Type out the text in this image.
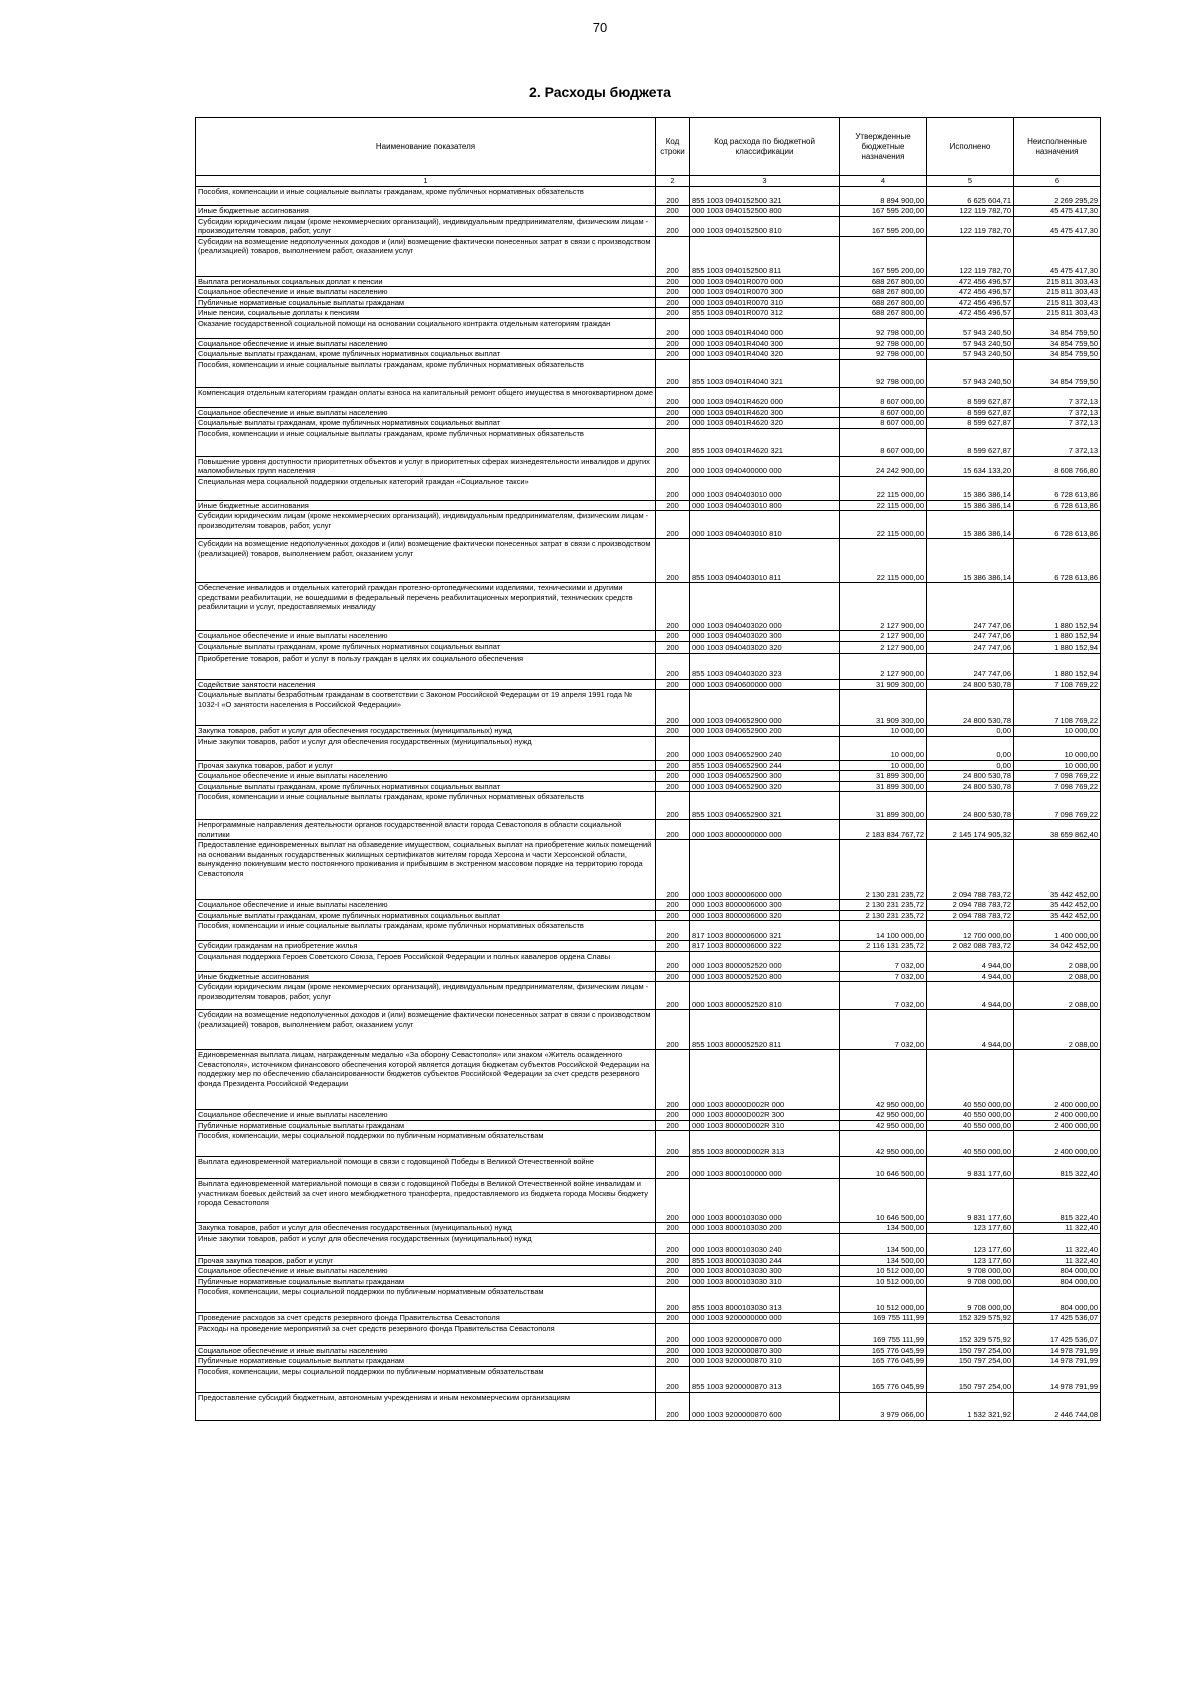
70
2. Расходы бюджета
Наименование показателя	Код строки	Код расхода по бюджетной классификации	Утвержденные бюджетные назначения	Исполнено	Неисполненные назначения
1	2	3	4	5	6
Пособия, компенсации и иные социальные выплаты гражданам, кроме публичных нормативных обязательств	200	855 1003 0940152500 321	8 894 900,00	6 625 604,71	2 269 295,29
Иные бюджетные ассигнования	200	000 1003 0940152500 800	167 595 200,00	122 119 782,70	45 475 417,30
Субсидии юридическим лицам (кроме некоммерческих организаций), индивидуальным предпринимателям, физическим лицам - производителям товаров, работ, услуг	200	000 1003 0940152500 810	167 595 200,00	122 119 782,70	45 475 417,30
Субсидии на возмещение недополученных доходов и (или) возмещение фактически понесенных затрат в связи с производством (реализацией) товаров, выполнением работ, оказанием услуг	200	855 1003 0940152500 811	167 595 200,00	122 119 782,70	45 475 417,30
Выплата региональных социальных доплат к пенсии	200	000 1003 09401R0070 000	688 267 800,00	472 456 496,57	215 811 303,43
Социальное обеспечение и иные выплаты населению	200	000 1003 09401R0070 300	688 267 800,00	472 456 496,57	215 811 303,43
Публичные нормативные социальные выплаты гражданам	200	000 1003 09401R0070 310	688 267 800,00	472 456 496,57	215 811 303,43
Иные пенсии, социальные доплаты к пенсиям	200	855 1003 09401R0070 312	688 267 800,00	472 456 496,57	215 811 303,43
Оказание государственной социальной помощи на основании социального контракта отдельным категориям граждан	200	000 1003 09401R4040 000	92 798 000,00	57 943 240,50	34 854 759,50
Социальное обеспечение и иные выплаты населению	200	000 1003 09401R4040 300	92 798 000,00	57 943 240,50	34 854 759,50
Социальные выплаты гражданам, кроме публичных нормативных социальных выплат	200	000 1003 09401R4040 320	92 798 000,00	57 943 240,50	34 854 759,50
Пособия, компенсации и иные социальные выплаты гражданам, кроме публичных нормативных обязательств	200	855 1003 09401R4040 321	92 798 000,00	57 943 240,50	34 854 759,50
Компенсация отдельным категориям граждан оплаты взноса на капитальный ремонт общего имущества в многоквартирном доме	200	000 1003 09401R4620 000	8 607 000,00	8 599 627,87	7 372,13
Социальное обеспечение и иные выплаты населению	200	000 1003 09401R4620 300	8 607 000,00	8 599 627,87	7 372,13
Социальные выплаты гражданам, кроме публичных нормативных социальных выплат	200	000 1003 09401R4620 320	8 607 000,00	8 599 627,87	7 372,13
Пособия, компенсации и иные социальные выплаты гражданам, кроме публичных нормативных обязательств	200	855 1003 09401R4620 321	8 607 000,00	8 599 627,87	7 372,13
Повышение уровня доступности приоритетных объектов и услуг в приоритетных сферах жизнедеятельности инвалидов и других маломобильных групп населения	200	000 1003 0940400000 000	24 242 900,00	15 634 133,20	8 608 766,80
Специальная мера социальной поддержки отдельных категорий граждан «Социальное такси»	200	000 1003 0940403010 000	22 115 000,00	15 386 386,14	6 728 613,86
Иные бюджетные ассигнования	200	000 1003 0940403010 800	22 115 000,00	15 386 386,14	6 728 613,86
Субсидии юридическим лицам (кроме некоммерческих организаций), индивидуальным предпринимателям, физическим лицам - производителям товаров, работ, услуг	200	000 1003 0940403010 810	22 115 000,00	15 386 386,14	6 728 613,86
Субсидии на возмещение недополученных доходов и (или) возмещение фактически понесенных затрат в связи с производством (реализацией) товаров, выполнением работ, оказанием услуг	200	855 1003 0940403010 811	22 115 000,00	15 386 386,14	6 728 613,86
Обеспечение инвалидов и отдельных категорий граждан протезно-ортопедическими изделиями, техническими и другими средствами реабилитации, не вошедшими в федеральный перечень реабилитационных мероприятий, технических средств реабилитации и услуг, предоставляемых инвалиду	200	000 1003 0940403020 000	2 127 900,00	247 747,06	1 880 152,94
Социальное обеспечение и иные выплаты населению	200	000 1003 0940403020 300	2 127 900,00	247 747,06	1 880 152,94
Социальные выплаты гражданам, кроме публичных нормативных социальных выплат	200	000 1003 0940403020 320	2 127 900,00	247 747,06	1 880 152,94
Приобретение товаров, работ и услуг в пользу граждан в целях их социального обеспечения	200	855 1003 0940403020 323	2 127 900,00	247 747,06	1 880 152,94
Содействие занятости населения	200	000 1003 0940600000 000	31 909 300,00	24 800 530,78	7 108 769,22
Социальные выплаты безработным гражданам в соответствии с Законом Российской Федерации от 19 апреля 1991 года № 1032-I «О занятости населения в Российской Федерации»	200	000 1003 0940652900 000	31 909 300,00	24 800 530,78	7 108 769,22
Закупка товаров, работ и услуг для обеспечения государственных (муниципальных) нужд	200	000 1003 0940652900 200	10 000,00	0,00	10 000,00
Иные закупки товаров, работ и услуг для обеспечения государственных (муниципальных) нужд	200	000 1003 0940652900 240	10 000,00	0,00	10 000,00
Прочая закупка товаров, работ и услуг	200	855 1003 0940652900 244	10 000,00	0,00	10 000,00
Социальное обеспечение и иные выплаты населению	200	000 1003 0940652900 300	31 899 300,00	24 800 530,78	7 098 769,22
Социальные выплаты гражданам, кроме публичных нормативных социальных выплат	200	000 1003 0940652900 320	31 899 300,00	24 800 530,78	7 098 769,22
Пособия, компенсации и иные социальные выплаты гражданам, кроме публичных нормативных обязательств	200	855 1003 0940652900 321	31 899 300,00	24 800 530,78	7 098 769,22
Непрограммные направления деятельности органов государственной власти города Севастополя в области социальной политики	200	000 1003 8000000000 000	2 183 834 767,72	2 145 174 905,32	38 659 862,40
Предоставление единовременных выплат на обзаведение имуществом, социальных выплат на приобретение жилых помещений на основании выданных государственных жилищных сертификатов жителям города Херсона и части Херсонской области, вынужденно покинувшим место постоянного проживания и прибывшим в экстренном массовом порядке на территорию города Севастополя	200	000 1003 8000006000 000	2 130 231 235,72	2 094 788 783,72	35 442 452,00
Социальное обеспечение и иные выплаты населению	200	000 1003 8000006000 300	2 130 231 235,72	2 094 788 783,72	35 442 452,00
Социальные выплаты гражданам, кроме публичных нормативных социальных выплат	200	000 1003 8000006000 320	2 130 231 235,72	2 094 788 783,72	35 442 452,00
Пособия, компенсации и иные социальные выплаты гражданам, кроме публичных нормативных обязательств	200	817 1003 8000006000 321	14 100 000,00	12 700 000,00	1 400 000,00
Субсидии гражданам на приобретение жилья	200	817 1003 8000006000 322	2 116 131 235,72	2 082 088 783,72	34 042 452,00
Социальная поддержка Героев Советского Союза, Героев Российской Федерации и полных кавалеров ордена Славы	200	000 1003 8000052520 000	7 032,00	4 944,00	2 088,00
Иные бюджетные ассигнования	200	000 1003 8000052520 800	7 032,00	4 944,00	2 088,00
Субсидии юридическим лицам (кроме некоммерческих организаций), индивидуальным предпринимателям, физическим лицам - производителям товаров, работ, услуг	200	000 1003 8000052520 810	7 032,00	4 944,00	2 088,00
Субсидии на возмещение недополученных доходов и (или) возмещение фактически понесенных затрат в связи с производством (реализацией) товаров, выполнением работ, оказанием услуг	200	855 1003 8000052520 811	7 032,00	4 944,00	2 088,00
Единовременная выплата лицам, награжденным медалью «За оборону Севастополя» или знаком «Житель осажденного Севастополя», источником финансового обеспечения которой является дотация бюджетам субъектов Российской Федерации на поддержку мер по обеспечению сбалансированности бюджетов субъектов Российской Федерации за счет средств резервного фонда Президента Российской Федерации	200	000 1003 80000D002R 000	42 950 000,00	40 550 000,00	2 400 000,00
Социальное обеспечение и иные выплаты населению	200	000 1003 80000D002R 300	42 950 000,00	40 550 000,00	2 400 000,00
Публичные нормативные социальные выплаты гражданам	200	000 1003 80000D002R 310	42 950 000,00	40 550 000,00	2 400 000,00
Пособия, компенсации, меры социальной поддержки по публичным нормативным обязательствам	200	855 1003 80000D002R 313	42 950 000,00	40 550 000,00	2 400 000,00
Выплата единовременной материальной помощи в связи с годовщиной Победы в Великой Отечественной войне	200	000 1003 8000100000 000	10 646 500,00	9 831 177,60	815 322,40
Выплата единовременной материальной помощи в связи с годовщиной Победы в Великой Отечественной войне инвалидам и участникам боевых действий за счет иного межбюджетного трансферта, предоставляемого из бюджета города Москвы бюджету города Севастополя	200	000 1003 8000103030 000	10 646 500,00	9 831 177,60	815 322,40
Закупка товаров, работ и услуг для обеспечения государственных (муниципальных) нужд	200	000 1003 8000103030 200	134 500,00	123 177,60	11 322,40
Иные закупки товаров, работ и услуг для обеспечения государственных (муниципальных) нужд	200	000 1003 8000103030 240	134 500,00	123 177,60	11 322,40
Прочая закупка товаров, работ и услуг	200	855 1003 8000103030 244	134 500,00	123 177,60	11 322,40
Социальное обеспечение и иные выплаты населению	200	000 1003 8000103030 300	10 512 000,00	9 708 000,00	804 000,00
Публичные нормативные социальные выплаты гражданам	200	000 1003 8000103030 310	10 512 000,00	9 708 000,00	804 000,00
Пособия, компенсации, меры социальной поддержки по публичным нормативным обязательствам	200	855 1003 8000103030 313	10 512 000,00	9 708 000,00	804 000,00
Проведение расходов за счет средств резервного фонда Правительства Севастополя	200	000 1003 9200000000 000	169 755 111,99	152 329 575,92	17 425 536,07
Расходы на проведение мероприятий за счет средств резервного фонда Правительства Севастополя	200	000 1003 9200000870 000	169 755 111,99	152 329 575,92	17 425 536,07
Социальное обеспечение и иные выплаты населению	200	000 1003 9200000870 300	165 776 045,99	150 797 254,00	14 978 791,99
Публичные нормативные социальные выплаты гражданам	200	000 1003 9200000870 310	165 776 045,99	150 797 254,00	14 978 791,99
Пособия, компенсации, меры социальной поддержки по публичным нормативным обязательствам	200	855 1003 9200000870 313	165 776 045,99	150 797 254,00	14 978 791,99
Предоставление субсидий бюджетным, автономным учреждениям и иным некоммерческим организациям	200	000 1003 9200000870 600	3 979 066,00	1 532 321,92	2 446 744,08
